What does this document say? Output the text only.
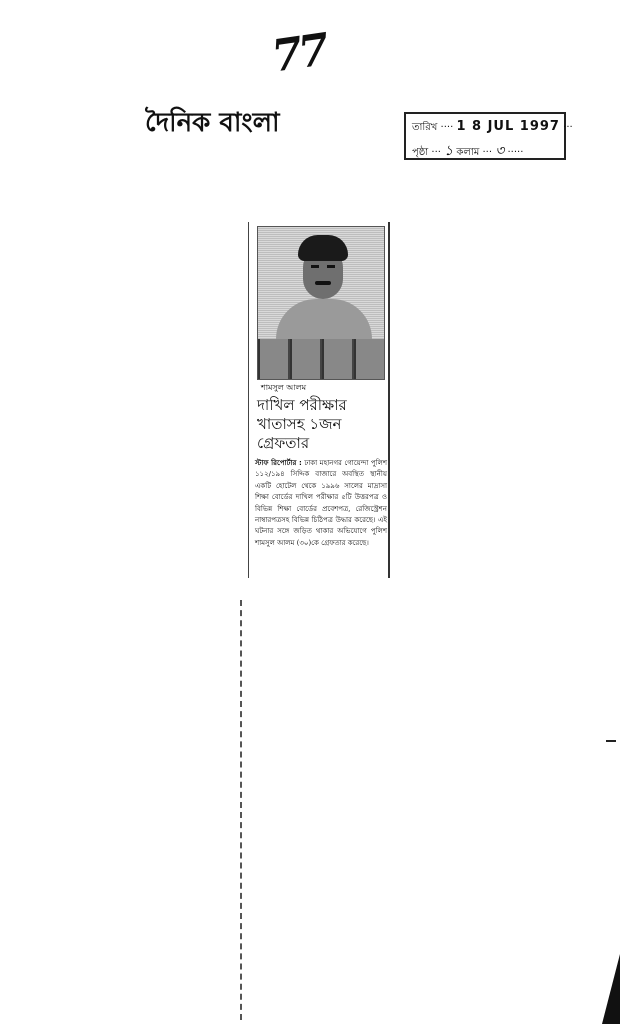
77
দৈনিক বাংলা	তারিখ ···· 1 8 JUL 1997 ···
পৃষ্ঠা ··· ১ কলাম ··· ৩ ·····
শামসুল আলম
দাখিল পরীক্ষার খাতাসহ ১জন গ্রেফতার
স্টাফ রিপোর্টার : ঢাকা মহানগর গোয়েন্দা পুলিশ ১১২/১৯৪ সিদ্দিক বাজারে অবস্থিত স্থানীয় একটি হোটেল থেকে ১৯৯৬ সালের মাদ্রাসা শিক্ষা বোর্ডের দাখিল পরীক্ষার ৫টি উত্তরপত্র ও বিভিন্ন শিক্ষা বোর্ডের প্রবেশপত্র, রেজিস্ট্রেশন নাম্বারপত্রসহ বিভিন্ন চিঠিপত্র উদ্ধার করেছে। এই ঘটনার সঙ্গে জড়িত থাকার অভিযোগে পুলিশ শামসুল আলম (৩০)কে গ্রেফতার করেছে।
